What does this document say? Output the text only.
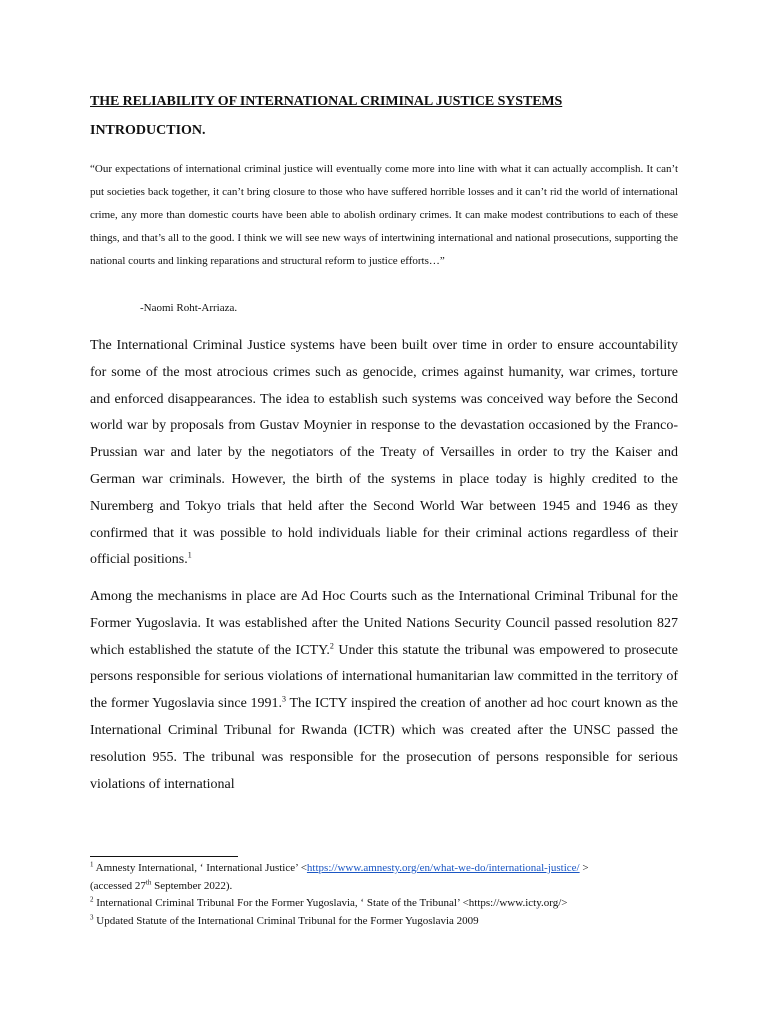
THE RELIABILITY OF INTERNATIONAL CRIMINAL JUSTICE SYSTEMS
INTRODUCTION.
“Our expectations of international criminal justice will eventually come more into line with what it can actually accomplish. It can’t put societies back together, it can’t bring closure to those who have suffered horrible losses and it can’t rid the world of international crime, any more than domestic courts have been able to abolish ordinary crimes. It can make modest contributions to each of these things, and that’s all to the good. I think we will see new ways of intertwining international and national prosecutions, supporting the national courts and linking reparations and structural reform to justice efforts…”
-Naomi Roht-Arriaza.
The International Criminal Justice systems have been built over time in order to ensure accountability for some of the most atrocious crimes such as genocide, crimes against humanity, war crimes, torture and enforced disappearances. The idea to establish such systems was conceived way before the Second world war by proposals from Gustav Moynier in response to the devastation occasioned by the Franco-Prussian war and later by the negotiators of the Treaty of Versailles in order to try the Kaiser and German war criminals. However, the birth of the systems in place today is highly credited to the Nuremberg and Tokyo trials that held after the Second World War between 1945 and 1946 as they confirmed that it was possible to hold individuals liable for their criminal actions regardless of their official positions.$^1$
Among the mechanisms in place are Ad Hoc Courts such as the International Criminal Tribunal for the Former Yugoslavia. It was established after the United Nations Security Council passed resolution 827 which established the statute of the ICTY.$^2$ Under this statute the tribunal was empowered to prosecute persons responsible for serious violations of international humanitarian law committed in the territory of the former Yugoslavia since 1991.$^3$ The ICTY inspired the creation of another ad hoc court known as the International Criminal Tribunal for Rwanda (ICTR) which was created after the UNSC passed the resolution 955. The tribunal was responsible for the prosecution of persons responsible for serious violations of international
$^1$ Amnesty International, ‘ International Justice’ <https://www.amnesty.org/en/what-we-do/international-justice/ >
(accessed 27th September 2022).
$^2$ International Criminal Tribunal For the Former Yugoslavia, ‘ State of the Tribunal’ <https://www.icty.org/>
$^3$ Updated Statute of the International Criminal Tribunal for the Former Yugoslavia 2009
